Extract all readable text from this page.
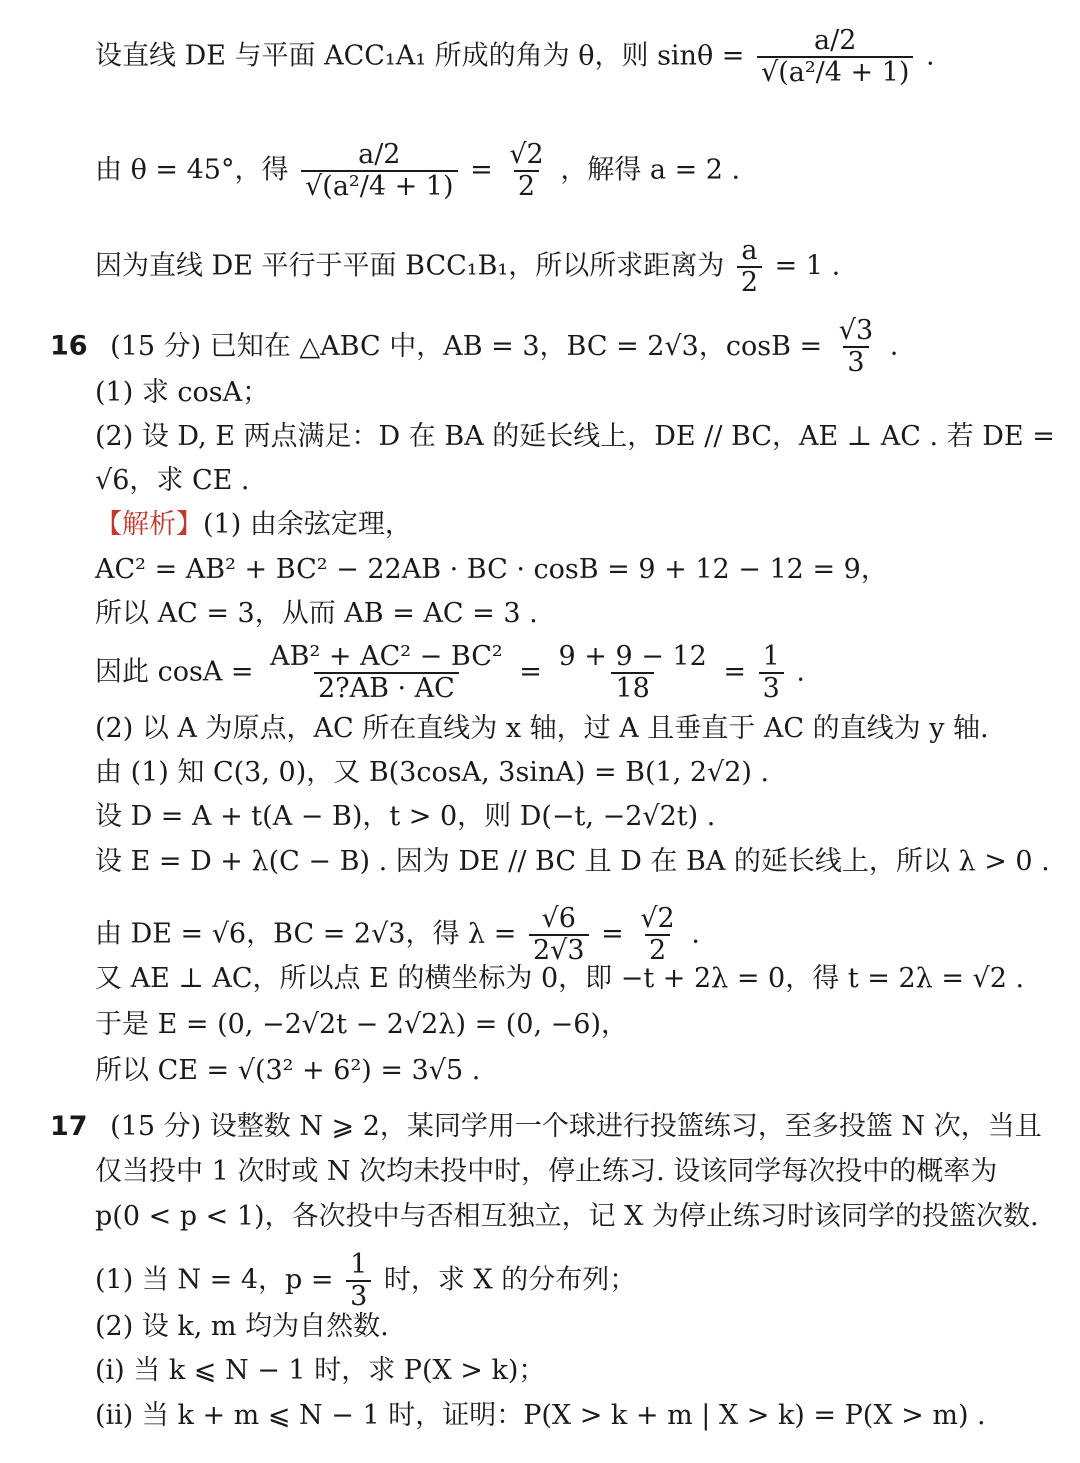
设直线 DE 与平面 ACC₁A₁ 所成的角为 θ，则 $\sin\theta = \frac{a/2}{\text{√(a²/4 + 1)}}$ .
由 θ = 45°，得 $\frac{a/2}{\text{√(a²/4 + 1)}} = \frac{√2}{2}$ ，解得 a = 2 .
因为直线 DE 平行于平面 BCC₁B₁，所以所求距离为 $\frac{a}{2} = 1$ .
16 (15 分) 已知在 △ABC 中，AB = 3，BC = 2√3，$\cos B = \frac{√3}{3}$ .
(1) 求 cosA；
(2) 设 D, E 两点满足：D 在 BA 的延长线上，DE // BC，AE ⊥ AC . 若 DE =
√6，求 CE .
【解析】(1) 由余弦定理，
AC² = AB² + BC² − 22AB · BC · cosB = 9 + 12 − 12 = 9，
所以 AC = 3，从而 AB = AC = 3 .
因此 $\cos A = \frac{\text{AB² + AC² − BC²}}{2?AB \cdot AC} = \frac{9 + 9 - 12}{18} = \frac{1}{3}$ .
(2) 以 A 为原点，AC 所在直线为 x 轴，过 A 且垂直于 AC 的直线为 y 轴.
由 (1) 知 C(3, 0)，又 B(3cosA, 3sinA) = B(1, 2√2) .
设 D = A + t(A − B)，t > 0，则 D(−t, −2√2t) .
设 E = D + λ(C − B) . 因为 DE // BC 且 D 在 BA 的延长线上，所以 λ > 0 .
由 DE = √6，BC = 2√3，得 $\lambda = \frac{√6}{2√3} = \frac{√2}{2}$ .
又 AE ⊥ AC，所以点 E 的横坐标为 0，即 −t + 2λ = 0，得 t = 2λ = √2 .
于是 E = (0, −2√2t − 2√2λ) = (0, −6)，
所以 CE = √(3² + 6²) = 3√5 .
17 (15 分) 设整数 N ⩾ 2，某同学用一个球进行投篮练习，至多投篮 N 次，当且
仅当投中 1 次时或 N 次均未投中时，停止练习. 设该同学每次投中的概率为
p(0 < p < 1)，各次投中与否相互独立，记 X 为停止练习时该同学的投篮次数.
(1) 当 N = 4，$p = \frac{1}{3}$ 时，求 X 的分布列；
(2) 设 k, m 均为自然数.
(i) 当 k ⩽ N − 1 时，求 P(X > k)；
(ii) 当 k + m ⩽ N − 1 时，证明：P(X > k + m | X > k) = P(X > m) .
